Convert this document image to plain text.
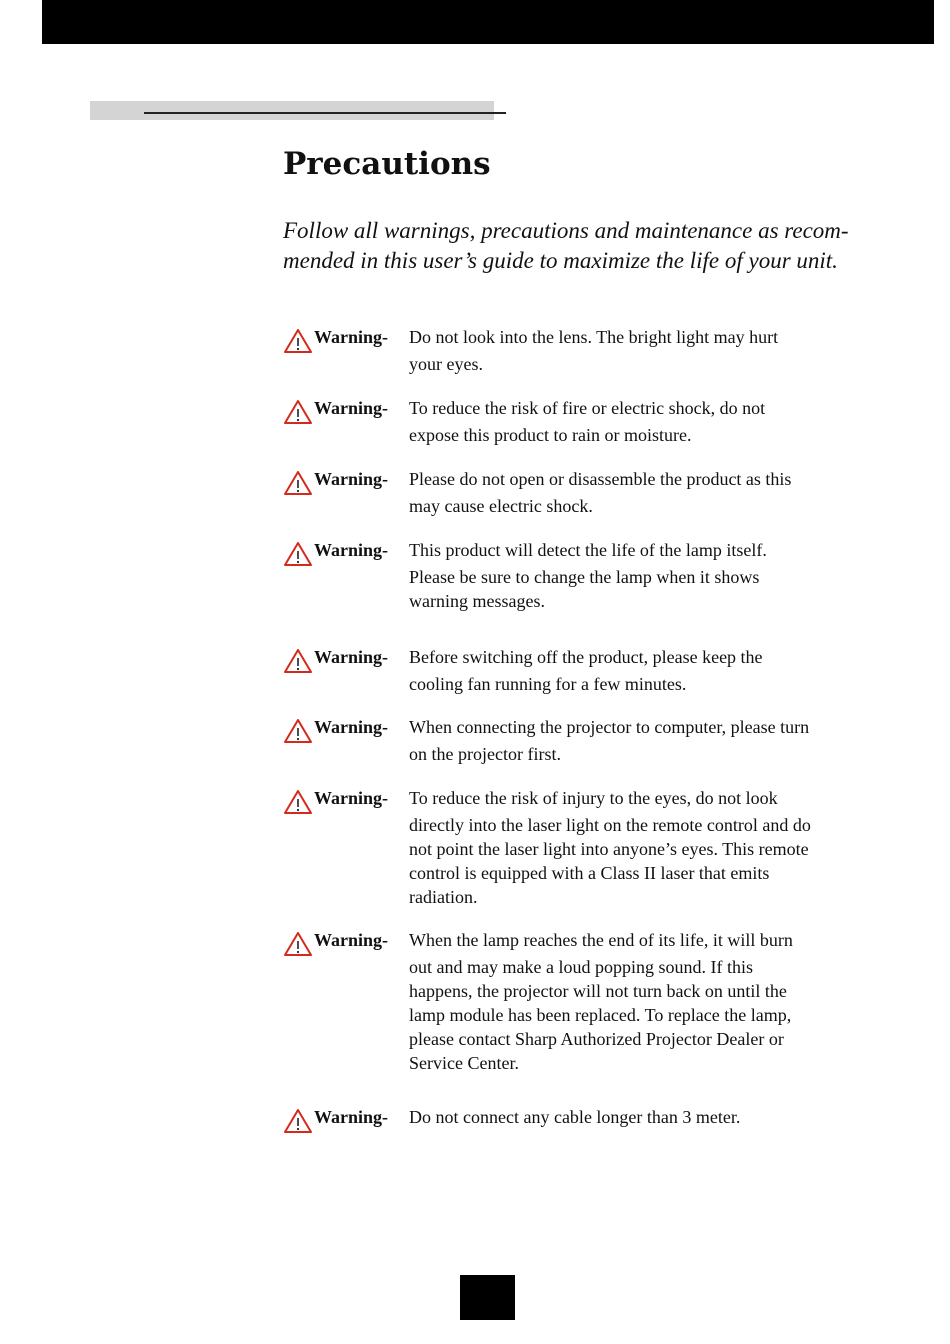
Precautions

Follow all warnings, precautions and maintenance as recom-
mended in this user’s guide to maximize the life of your unit.

Warning- Do not look into the lens. The bright light may hurt
your eyes.
Warning- To reduce the risk of fire or electric shock, do not
expose this product to rain or moisture.
Warning- Please do not open or disassemble the product as this
may cause electric shock.
Warning- This product will detect the life of the lamp itself.
Please be sure to change the lamp when it shows
warning messages.
Warning- Before switching off the product, please keep the
cooling fan running for a few minutes.
Warning- When connecting the projector to computer, please turn
on the projector first.
Warning- To reduce the risk of injury to the eyes, do not look
directly into the laser light on the remote control and do
not point the laser light into anyone’s eyes. This remote
control is equipped with a Class II laser that emits
radiation.
Warning- When the lamp reaches the end of its life, it will burn
out and may make a loud popping sound. If this
happens, the projector will not turn back on until the
lamp module has been replaced. To replace the lamp,
please contact Sharp Authorized Projector Dealer or
Service Center.
Warning- Do not connect any cable longer than 3 meter.
